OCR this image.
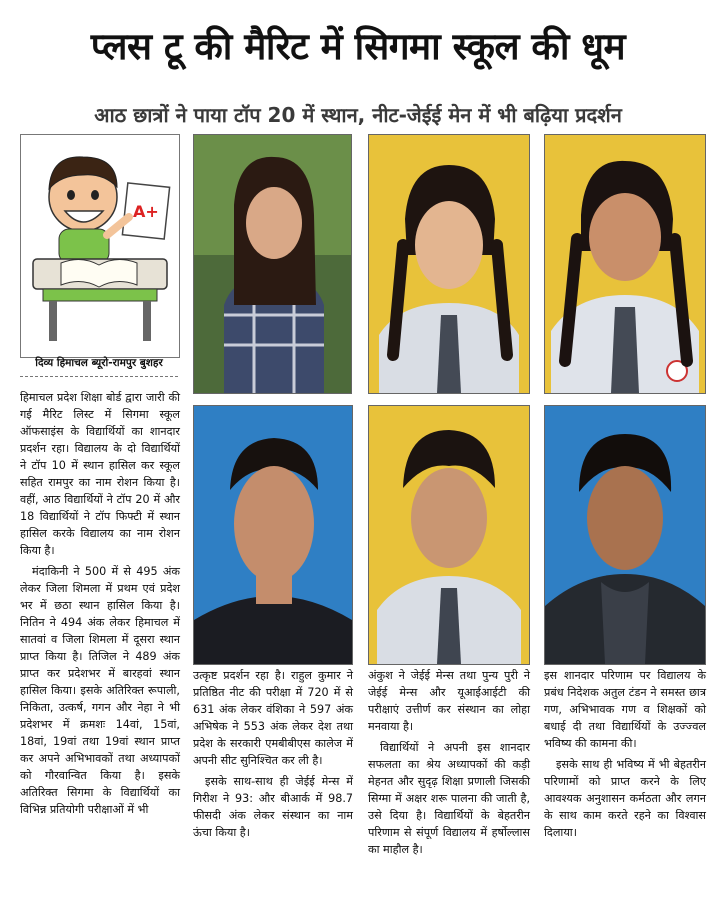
प्लस टू की मैरिट में सिगमा स्कूल की धूम
आठ छात्रों ने पाया टॉप 20 में स्थान, नीट-जेईई मेन में भी बढ़िया प्रदर्शन
A+
दिव्य हिमाचल ब्यूरो-रामपुर बुशहर

हिमाचल प्रदेश शिक्षा बोर्ड द्वारा जारी की गई मैरिट लिस्ट में सिगमा स्कूल ऑफसाइंस के विद्यार्थियों का शानदार प्रदर्शन रहा। विद्यालय के दो विद्यार्थियों ने टॉप 10 में स्थान हासिल कर स्कूल सहित रामपुर का नाम रोशन किया है। वहीं, आठ विद्यार्थियों ने टॉप 20 में और 18 विद्यार्थियों ने टॉप फिफ्टी में स्थान हासिल करके विद्यालय का नाम रोशन किया है।

मंदाकिनी ने 500 में से 495 अंक लेकर जिला शिमला में प्रथम एवं प्रदेश भर में छठा स्थान हासिल किया है। नितिन ने 494 अंक लेकर हिमाचल में सातवां व जिला शिमला में दूसरा स्थान प्राप्त किया है। तिजिल ने 489 अंक प्राप्त कर प्रदेशभर में बारहवां स्थान हासिल किया। इसके अतिरिक्त रूपाली, निकिता, उत्कर्ष, गगन और नेहा ने भी प्रदेशभर में क्रमशः 14वां, 15वां, 18वां, 19वां तथा 19वां स्थान प्राप्त कर अपने अभिभावकों तथा अध्यापकों को गौरवान्वित किया है। इसके अतिरिक्त सिगमा के विद्यार्थियों का विभिन्न प्रतियोगी परीक्षाओं में भी

उत्कृष्ट प्रदर्शन रहा है। राहुल कुमार ने प्रतिष्ठित नीट की परीक्षा में 720 में से 631 अंक लेकर वंशिका ने 597 अंक अभिषेक ने 553 अंक लेकर देश तथा प्रदेश के सरकारी एमबीबीएस कालेज में अपनी सीट सुनिश्चित कर ली है।

इसके साथ-साथ ही जेईई मेन्स में गिरीश ने 93: और बीआर्क में 98.7 फीसदी अंक लेकर संस्थान का नाम ऊंचा किया है।

अंकुश ने जेईई मेन्स तथा पुन्य पुरी ने जेईई मेन्स और यूआईआईटी की परीक्षाएं उत्तीर्ण कर संस्थान का लोहा मनवाया है।

विद्यार्थियों ने अपनी इस शानदार सफलता का श्रेय अध्यापकों की कड़ी मेहनत और सुदृढ़ शिक्षा प्रणाली जिसकी सिग्मा में अक्षर शरू पालना की जाती है, उसे दिया है। विद्यार्थियों के बेहतरीन परिणाम से संपूर्ण विद्यालय में हर्षोल्लास का माहौल है।

इस शानदार परिणाम पर विद्यालय के प्रबंध निदेशक अतुल टंडन ने समस्त छात्र गण, अभिभावक गण व शिक्षकों को बधाई दी तथा विद्यार्थियों के उज्ज्वल भविष्य की कामना की।

इसके साथ ही भविष्य में भी बेहतरीन परिणामों को प्राप्त करने के लिए आवश्यक अनुशासन कर्मठता और लगन के साथ काम करते रहने का विश्वास दिलाया।
